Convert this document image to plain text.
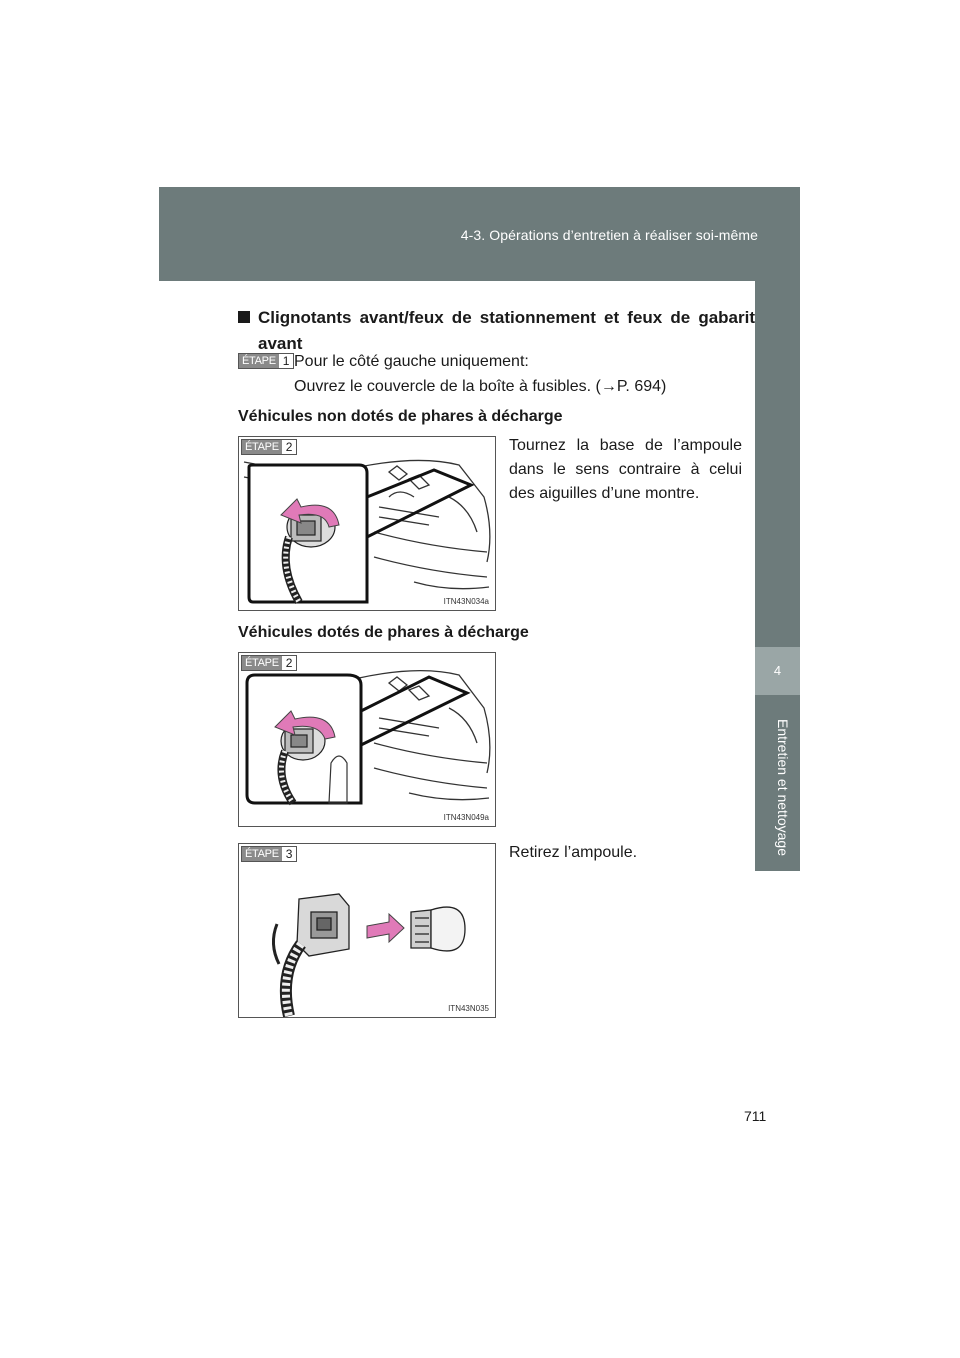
4-3. Opérations d’entretien à réaliser soi-même
4
Entretien et nettoyage
Clignotants avant/feux de stationnement et feux de gabarit avant
ÉTAPE 1 Pour le côté gauche uniquement:
Ouvrez le couvercle de la boîte à fusibles. (→P. 694)
Véhicules non dotés de phares à décharge
ITN43N034a
ÉTAPE 2	Tournez la base de l’ampoule dans le sens contraire à celui des aiguilles d’une montre.
Véhicules dotés de phares à décharge
ITN43N049a
ÉTAPE 2
ITN43N035
ÉTAPE 3	Retirez l’ampoule.
711
